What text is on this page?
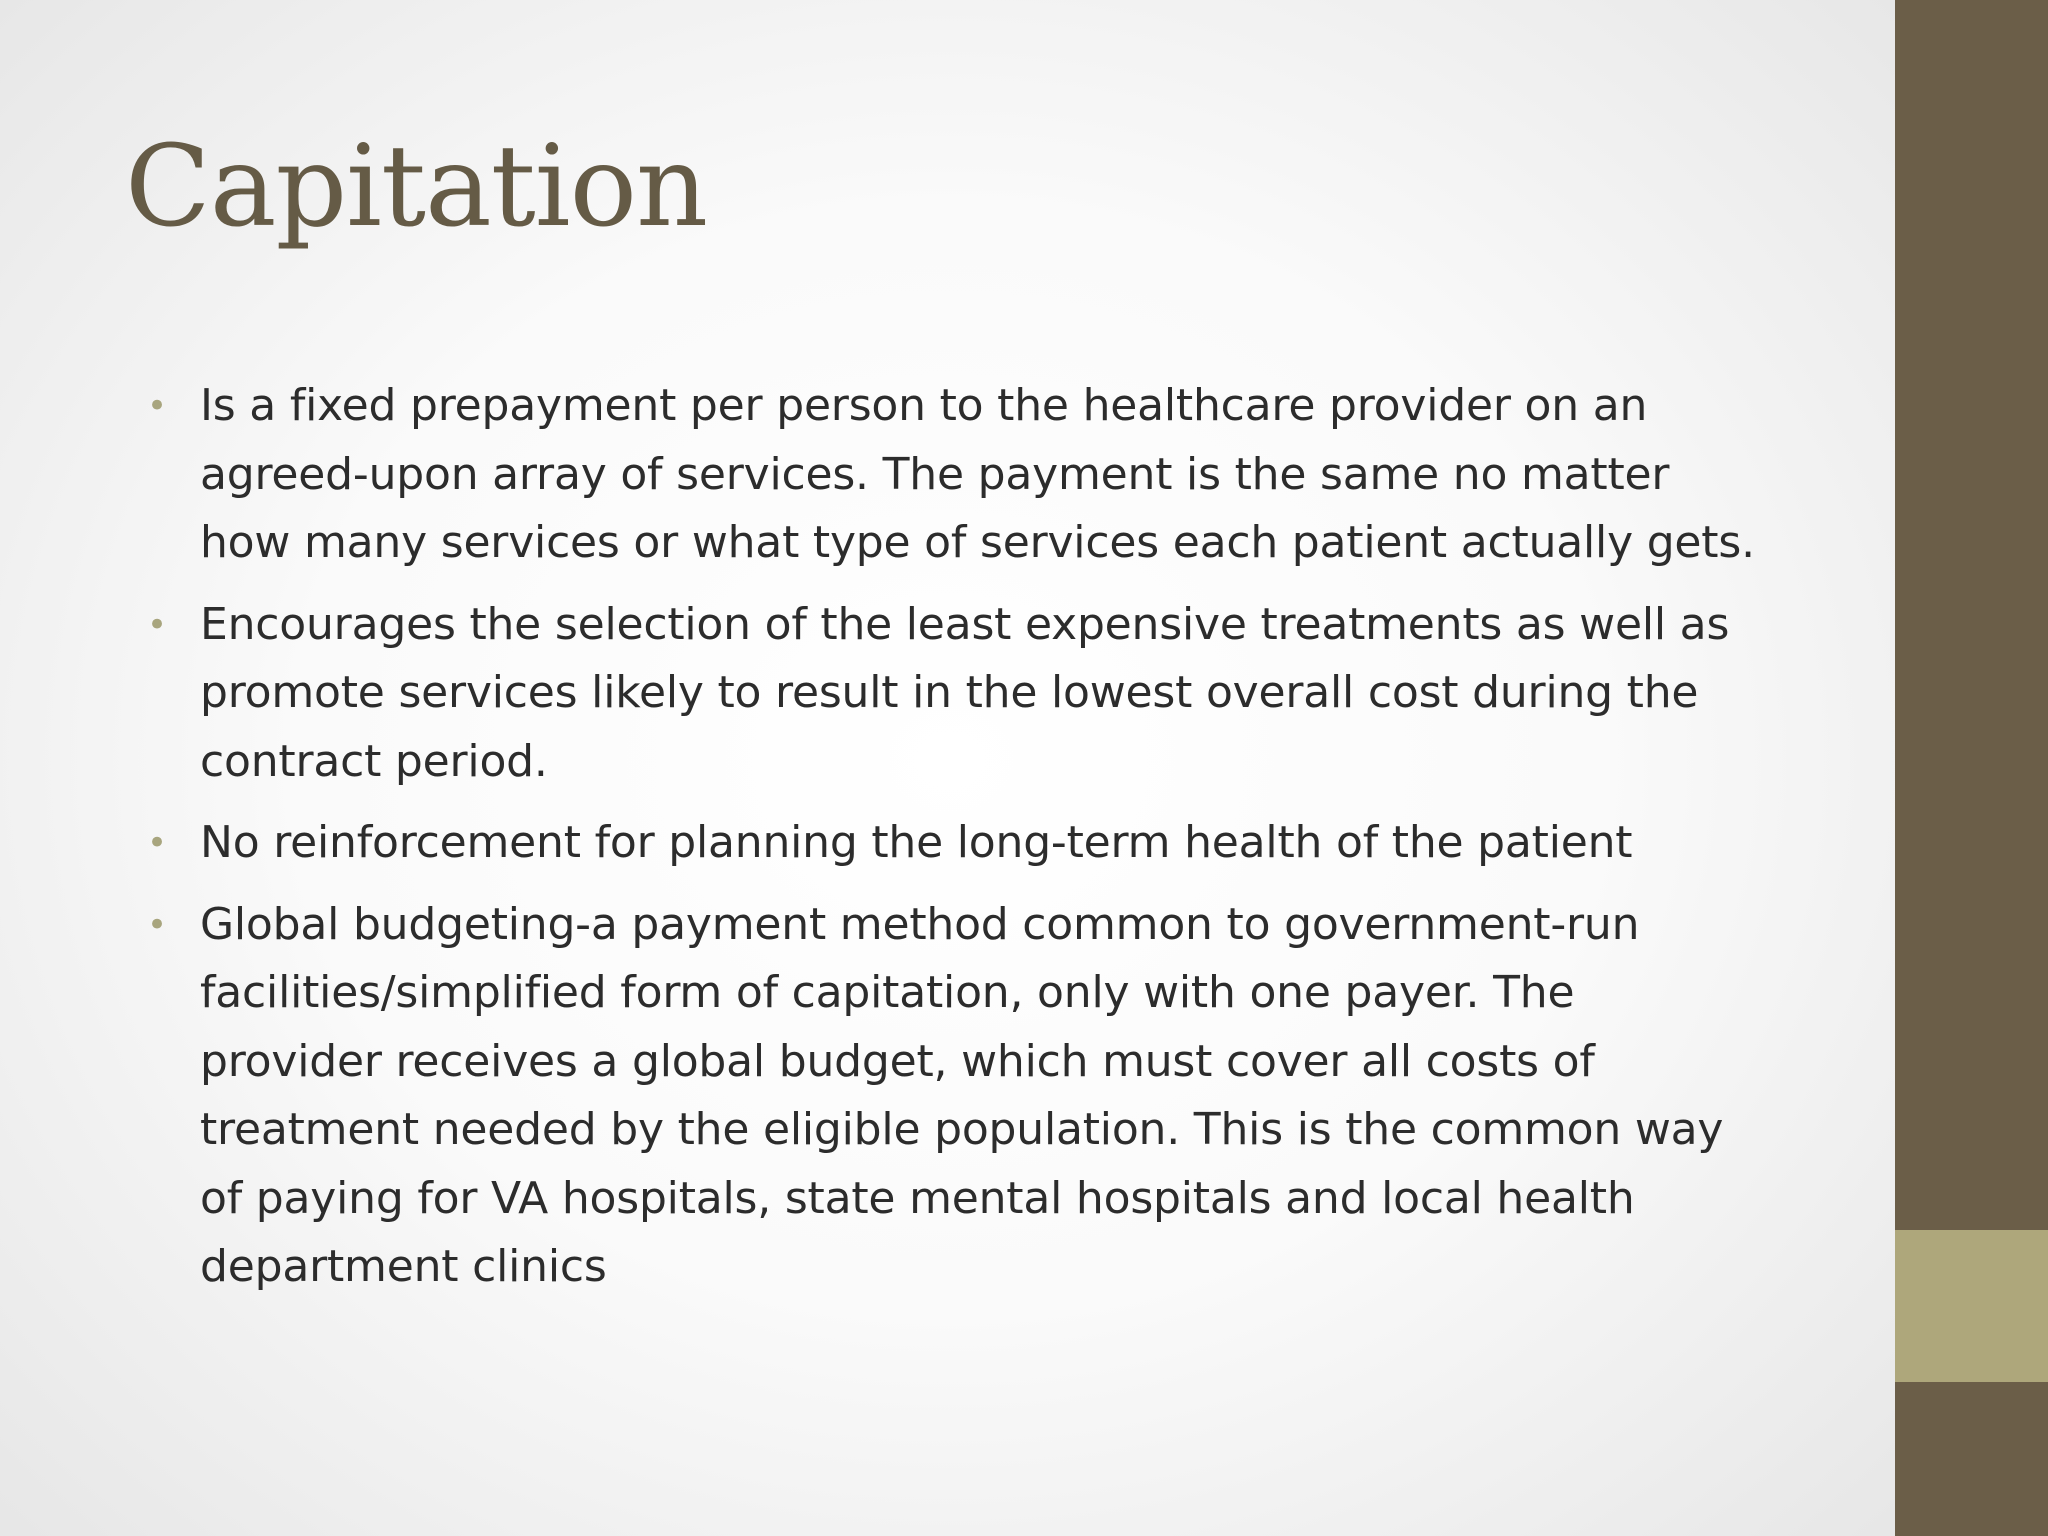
Capitation
• Is a fixed prepayment per person to the healthcare provider on an agreed-upon array of services. The payment is the same no matter how many services or what type of services each patient actually gets.
• Encourages the selection of the least expensive treatments as well as promote services likely to result in the lowest overall cost during the contract period.
• No reinforcement for planning the long-term health of the patient
• Global budgeting-a payment method common to government-run facilities/simplified form of capitation, only with one payer. The provider receives a global budget, which must cover all costs of treatment needed by the eligible population. This is the common way of paying for VA hospitals, state mental hospitals and local health department clinics
